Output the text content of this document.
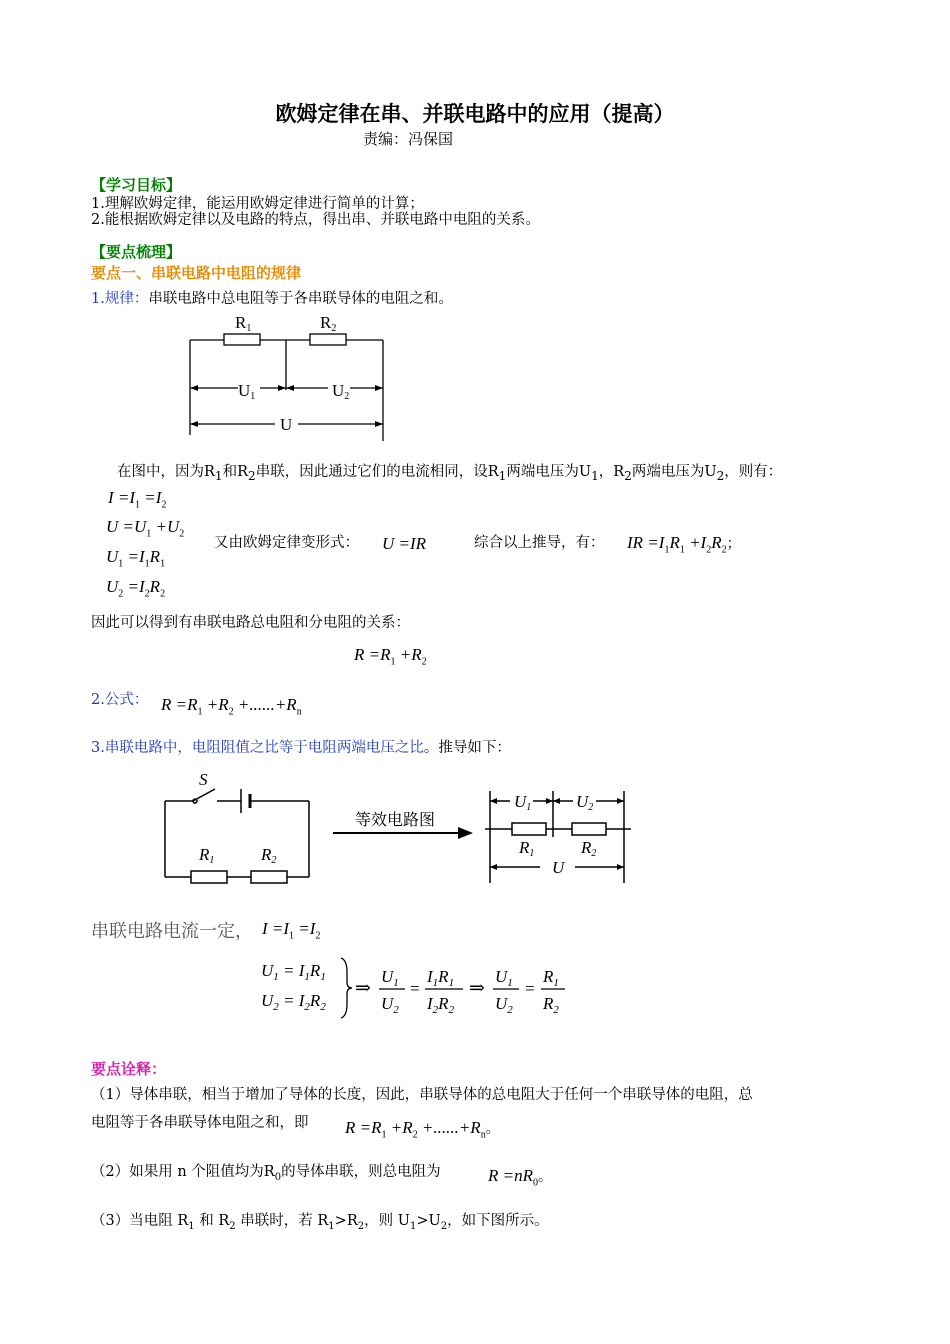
欧姆定律在串、并联电路中的应用（提高）
责编：冯保国
【学习目标】
1.理解欧姆定律，能运用欧姆定律进行简单的计算；
2.能根据欧姆定律以及电路的特点，得出串、并联电路中电阻的关系。
【要点梳理】
要点一、串联电路中电阻的规律
1.规律：串联电路中总电阻等于各串联导体的电阻之和。
R1	R2
U1	U2
U
在图中，因为$R_1$和$R_2$串联，因此通过它们的电流相同，设$R_1$两端电压为$U_1$，$R_2$两端电压为$U_2$，则有：
$I =I_1 =I_2$
$U =U_1 +U_2$
$U_1 =I_1R_1$
$U_2 =I_2R_2$
又由欧姆定律变形式： U =IR	综合以上推导，有： IR $=I_1R_1 +I_2R_2$；
因此可以得到有串联电路总电阻和分电阻的关系：
$R =R_1 +R_2$
2.公式： $R =R_1 +R_2 +......+R_n$
3.串联电路中，电阻阻值之比等于电阻两端电压之比。推导如下：
S
R1	R2
等效电路图
U1	U2
R1	R2
U
串联电路电流一定， $I =I_1 =I_2$
$U_1 = I_1R_1$
$U_2 = I_2R_2$
⇒
$U_1$
$U_2$
=
$I_1R_1$
$I_2R_2$
⇒
$U_1$
$U_2$
=
$R_1$
$R_2$
要点诠释：
（1）导体串联，相当于增加了导体的长度，因此，串联导体的总电阻大于任何一个串联导体的电阻，总
电阻等于各串联导体电阻之和，即 $R =R_1 +R_2 +......+R_n$。
（2）如果用 n 个阻值均为$R_0$的导体串联，则总电阻为	$R =nR_0$。
（3）当电阻 $R_1$ 和 $R_2$ 串联时，若 $R_1>R_2$，则 $U_1>U_2$，如下图所示。
